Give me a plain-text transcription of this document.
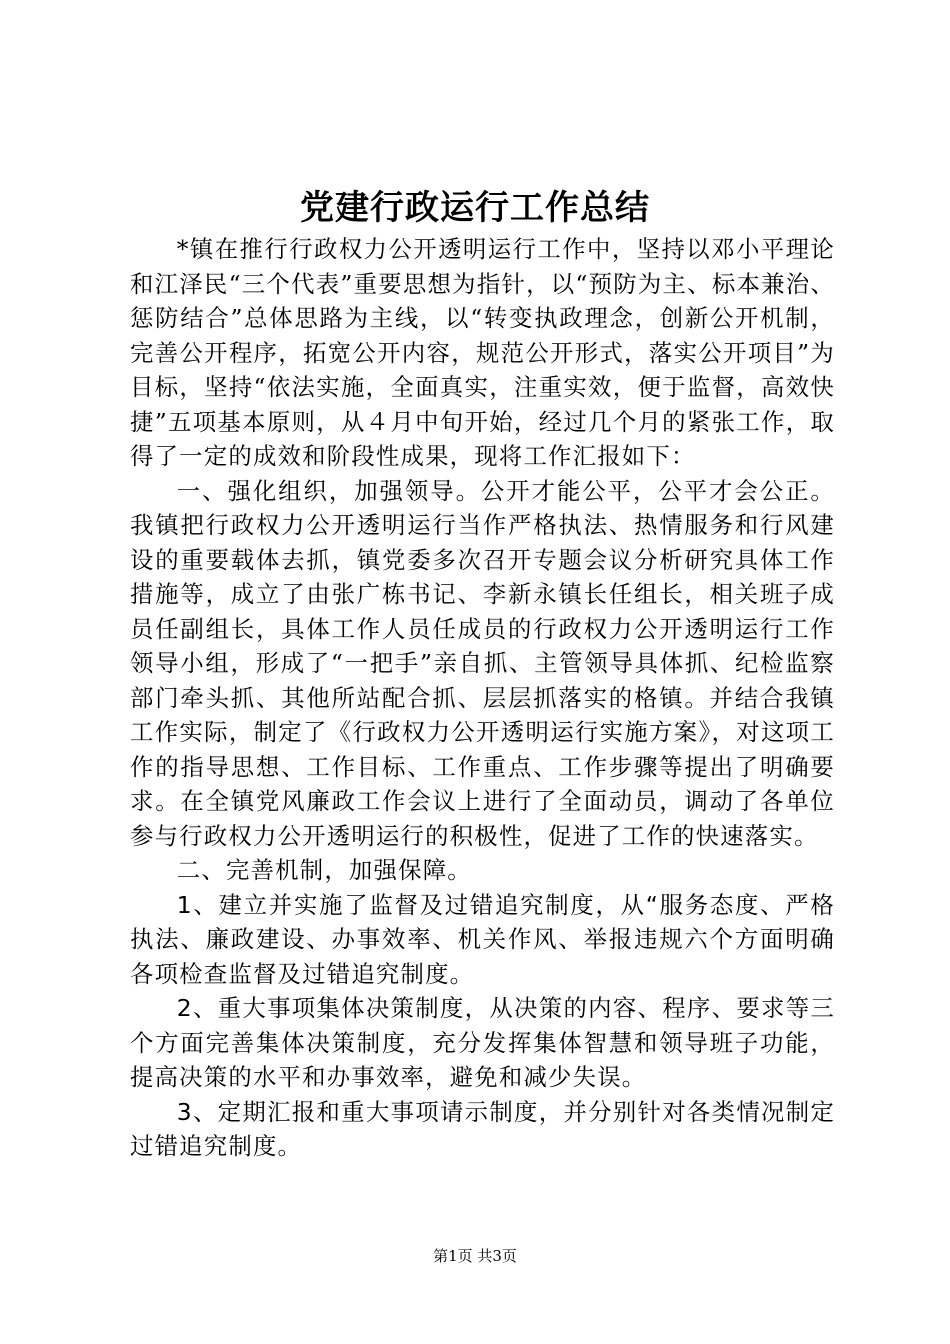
党建行政运行工作总结

*镇在推行行政权力公开透明运行工作中，坚持以邓小平理论和江泽民“三个代表”重要思想为指针，以“预防为主、标本兼治、惩防结合”总体思路为主线，以“转变执政理念，创新公开机制，完善公开程序，拓宽公开内容，规范公开形式，落实公开项目”为目标，坚持“依法实施，全面真实，注重实效，便于监督，高效快捷”五项基本原则，从４月中旬开始，经过几个月的紧张工作，取得了一定的成效和阶段性成果，现将工作汇报如下：

一、强化组织，加强领导。公开才能公平，公平才会公正。我镇把行政权力公开透明运行当作严格执法、热情服务和行风建设的重要载体去抓，镇党委多次召开专题会议分析研究具体工作措施等，成立了由张广栋书记、李新永镇长任组长，相关班子成员任副组长，具体工作人员任成员的行政权力公开透明运行工作领导小组，形成了“一把手”亲自抓、主管领导具体抓、纪检监察部门牵头抓、其他所站配合抓、层层抓落实的格镇。并结合我镇工作实际，制定了《行政权力公开透明运行实施方案》，对这项工作的指导思想、工作目标、工作重点、工作步骤等提出了明确要求。在全镇党风廉政工作会议上进行了全面动员，调动了各单位参与行政权力公开透明运行的积极性，促进了工作的快速落实。

二、完善机制，加强保障。

1、建立并实施了监督及过错追究制度，从“服务态度、严格执法、廉政建设、办事效率、机关作风、举报违规六个方面明确各项检查监督及过错追究制度。

2、重大事项集体决策制度，从决策的内容、程序、要求等三个方面完善集体决策制度，充分发挥集体智慧和领导班子功能，提高决策的水平和办事效率，避免和减少失误。

3、定期汇报和重大事项请示制度，并分别针对各类情况制定过错追究制度。

第1页 共3页
